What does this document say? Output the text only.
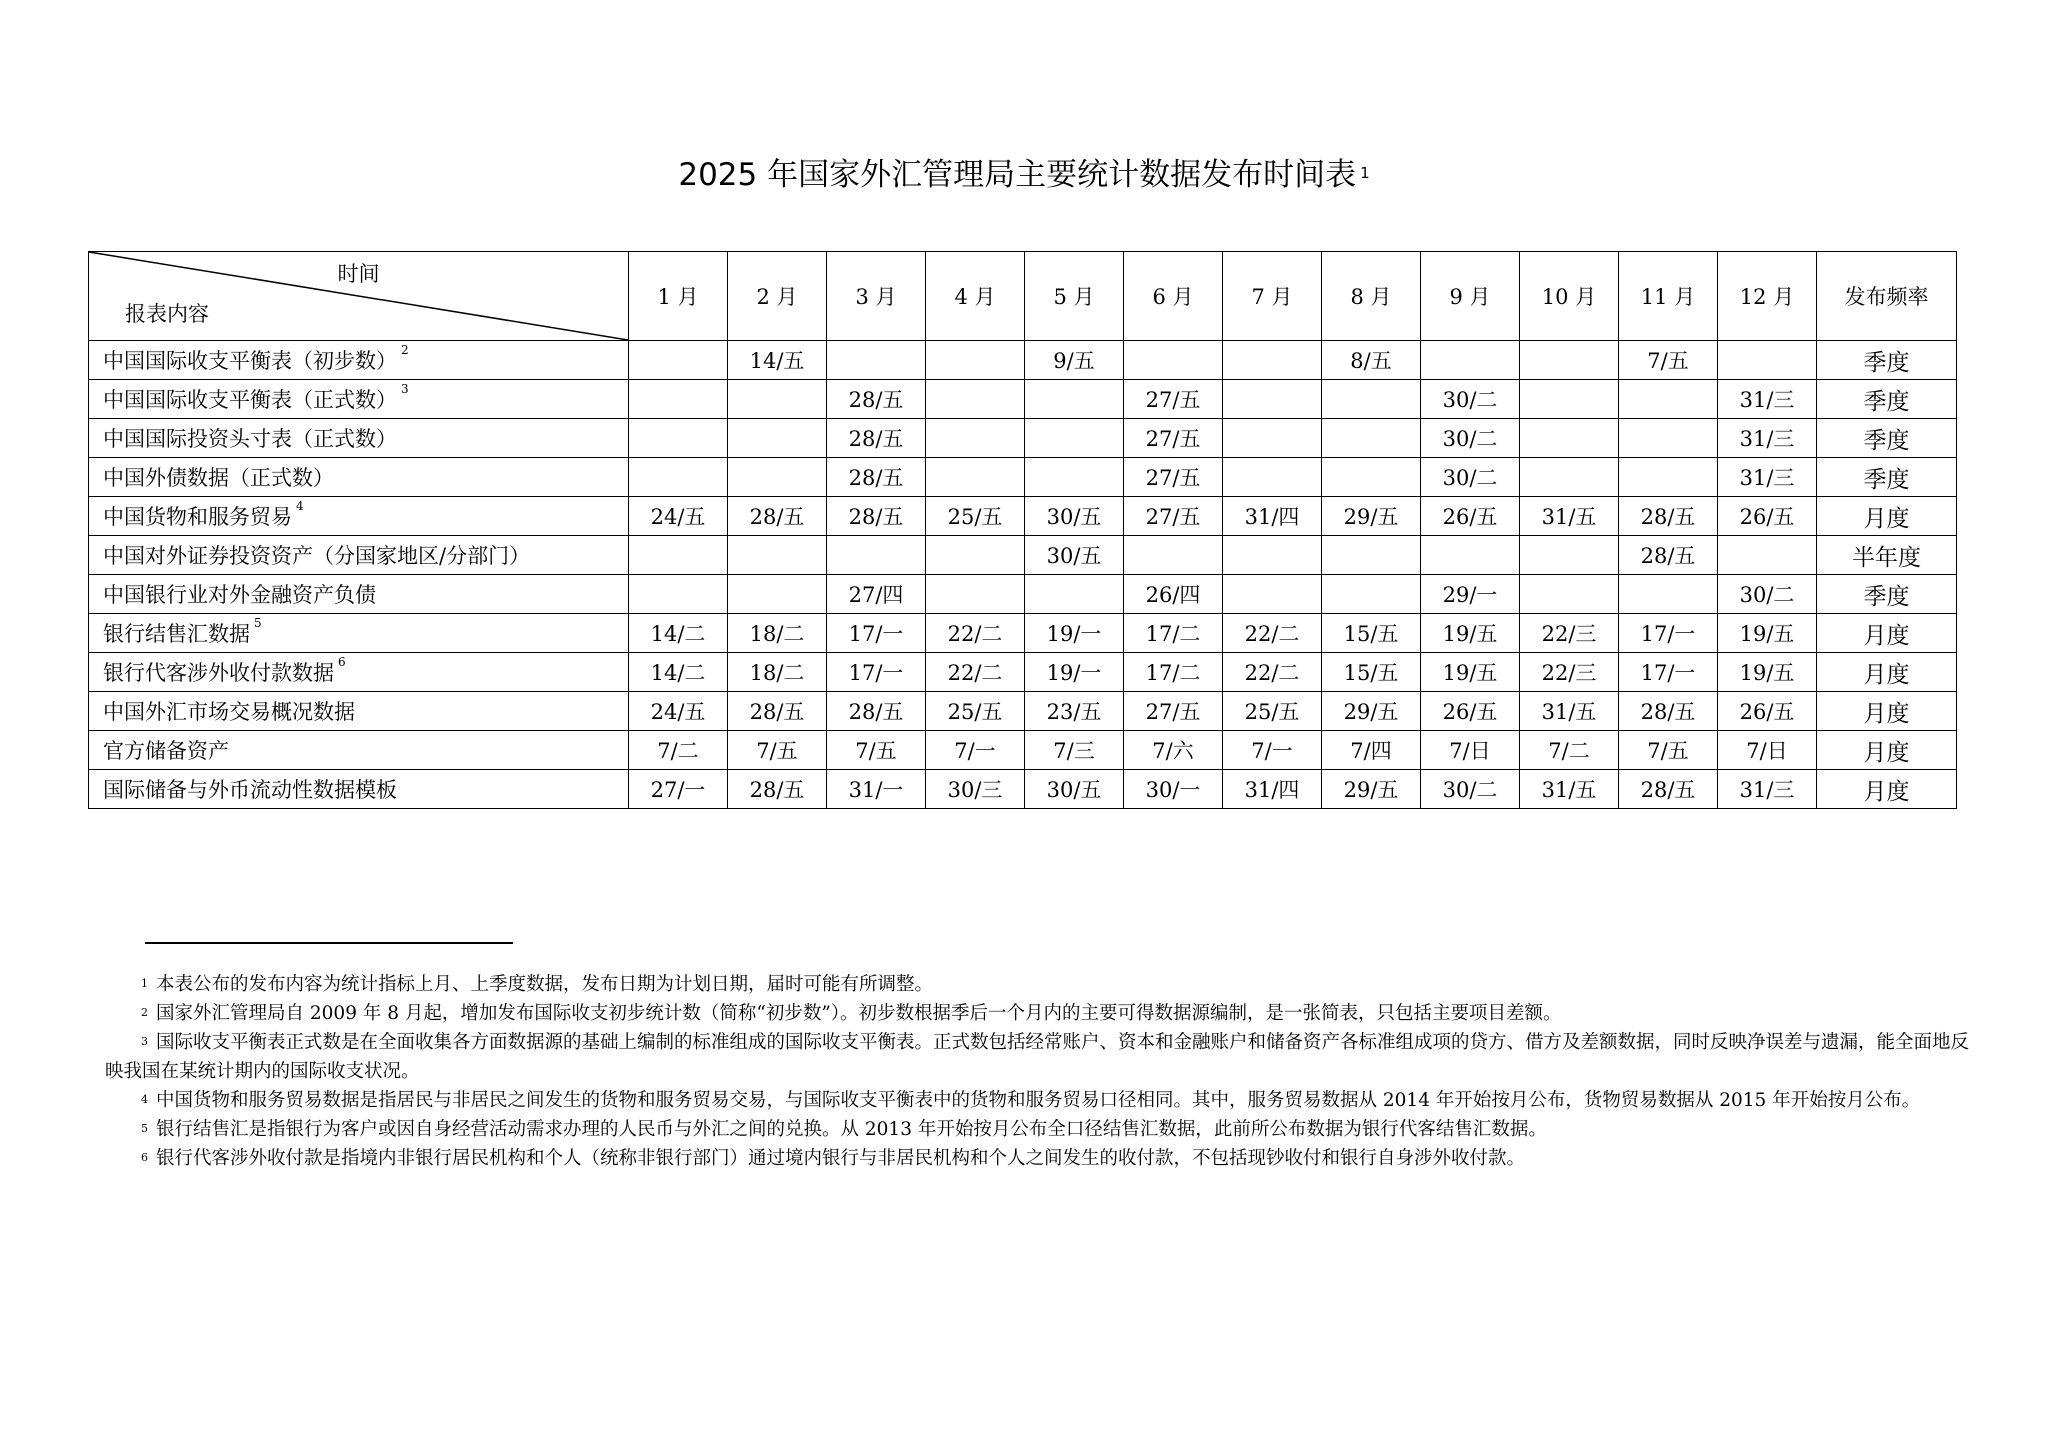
2025 年国家外汇管理局主要统计数据发布时间表 $^1$
时间
报表内容	1 月	2 月	3 月	4 月	5 月	6 月	7 月	8 月	9 月	10 月	11 月	12 月	发布频率
中国国际收支平衡表（初步数） $^2$		14/五			9/五			8/五			7/五		季度
中国国际收支平衡表（正式数） $^3$			28/五			27/五			30/二			31/三	季度
中国国际投资头寸表（正式数）			28/五			27/五			30/二			31/三	季度
中国外债数据（正式数）			28/五			27/五			30/二			31/三	季度
中国货物和服务贸易 $^4$	24/五	28/五	28/五	25/五	30/五	27/五	31/四	29/五	26/五	31/五	28/五	26/五	月度
中国对外证券投资资产（分国家地区/分部门）					30/五						28/五		半年度
中国银行业对外金融资产负债			27/四			26/四			29/一			30/二	季度
银行结售汇数据 $^5$	14/二	18/二	17/一	22/二	19/一	17/二	22/二	15/五	19/五	22/三	17/一	19/五	月度
银行代客涉外收付款数据 $^6$	14/二	18/二	17/一	22/二	19/一	17/二	22/二	15/五	19/五	22/三	17/一	19/五	月度
中国外汇市场交易概况数据	24/五	28/五	28/五	25/五	23/五	27/五	25/五	29/五	26/五	31/五	28/五	26/五	月度
官方储备资产	7/二	7/五	7/五	7/一	7/三	7/六	7/一	7/四	7/日	7/二	7/五	7/日	月度
国际储备与外币流动性数据模板	27/一	28/五	31/一	30/三	30/五	30/一	31/四	29/五	30/二	31/五	28/五	31/三	月度

$^1$ 本表公布的发布内容为统计指标上月、上季度数据，发布日期为计划日期，届时可能有所调整。

$^2$ 国家外汇管理局自 2009 年 8 月起，增加发布国际收支初步统计数（简称“初步数”）。初步数根据季后一个月内的主要可得数据源编制，是一张简表，只包括主要项目差额。

$^3$ 国际收支平衡表正式数是在全面收集各方面数据源的基础上编制的标准组成的国际收支平衡表。正式数包括经常账户、资本和金融账户和储备资产各标准组成项的贷方、借方及差额数据，同时反映净误差与遗漏，能全面地反映我国在某统计期内的国际收支状况。

$^4$ 中国货物和服务贸易数据是指居民与非居民之间发生的货物和服务贸易交易，与国际收支平衡表中的货物和服务贸易口径相同。其中，服务贸易数据从 2014 年开始按月公布，货物贸易数据从 2015 年开始按月公布。

$^5$ 银行结售汇是指银行为客户或因自身经营活动需求办理的人民币与外汇之间的兑换。从 2013 年开始按月公布全口径结售汇数据，此前所公布数据为银行代客结售汇数据。

$^6$ 银行代客涉外收付款是指境内非银行居民机构和个人（统称非银行部门）通过境内银行与非居民机构和个人之间发生的收付款，不包括现钞收付和银行自身涉外收付款。
